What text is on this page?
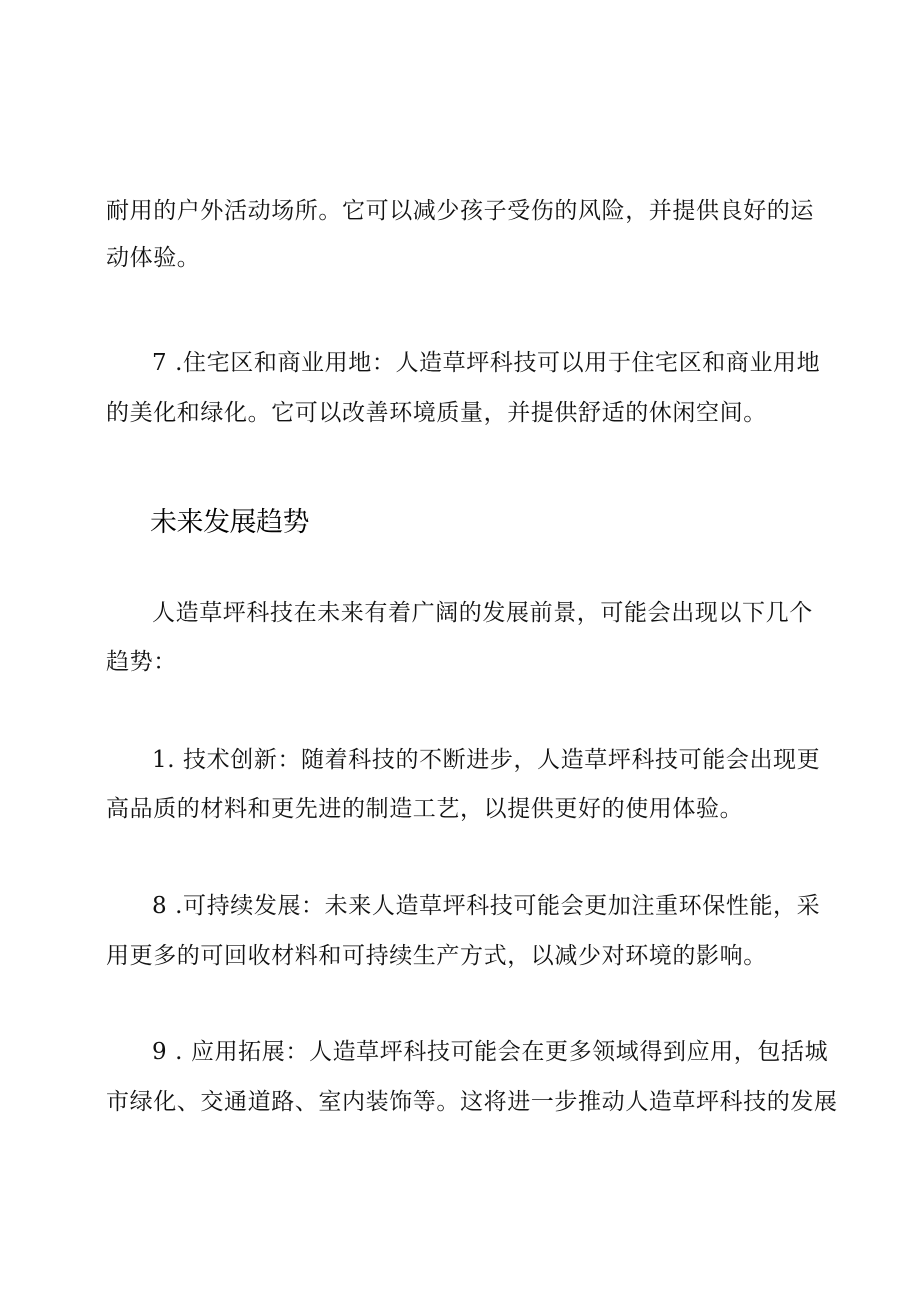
耐用的户外活动场所。它可以减少孩子受伤的风险，并提供良好的运
动体验。
7 .住宅区和商业用地：人造草坪科技可以用于住宅区和商业用地
的美化和绿化。它可以改善环境质量，并提供舒适的休闲空间。
未来发展趋势
人造草坪科技在未来有着广阔的发展前景，可能会出现以下几个
趋势：
1. 技术创新：随着科技的不断进步，人造草坪科技可能会出现更
高品质的材料和更先进的制造工艺，以提供更好的使用体验。
8 .可持续发展：未来人造草坪科技可能会更加注重环保性能，采
用更多的可回收材料和可持续生产方式，以减少对环境的影响。
9 . 应用拓展：人造草坪科技可能会在更多领域得到应用，包括城
市绿化、交通道路、室内装饰等。这将进一步推动人造草坪科技的发展
